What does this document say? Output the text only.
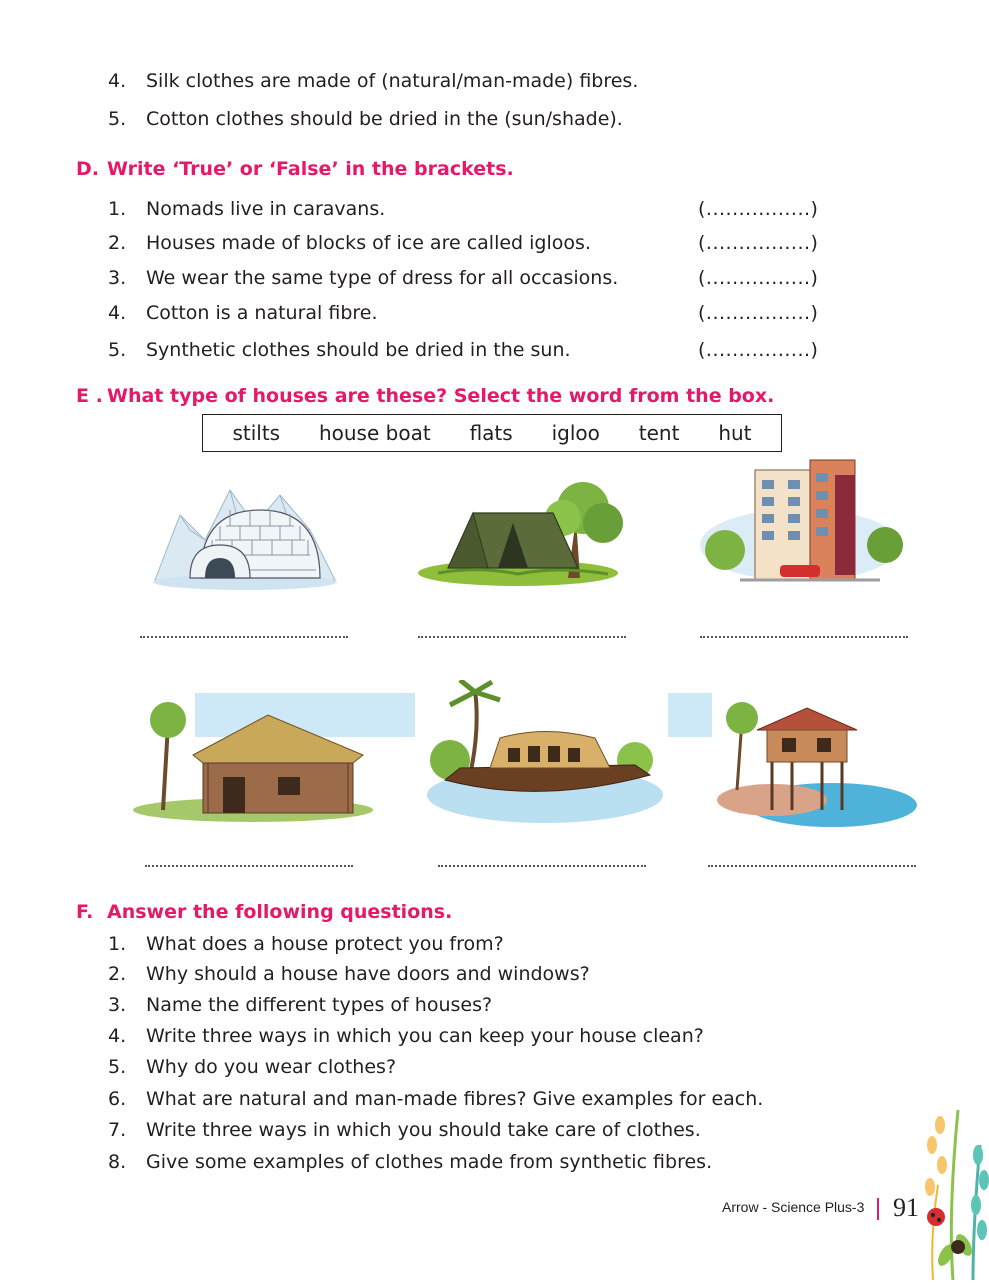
4.	Silk clothes are made of (natural/man-made) fibres.
5.	Cotton clothes should be dried in the (sun/shade).
D. Write ‘True’ or ‘False’ in the brackets.
1.	Nomads live in caravans.	(................)
2.	Houses made of blocks of ice are called igloos.	(................)
3.	We wear the same type of dress for all occasions.	(................)
4.	Cotton is a natural fibre.	(................)
5.	Synthetic clothes should be dried in the sun.	(................)
E . What type of houses are these? Select the word from the box.
stilts house boat flats igloo tent hut
F. Answer the following questions.
1.	What does a house protect you from?
2.	Why should a house have doors and windows?
3.	Name the different types of houses?
4.	Write three ways in which you can keep your house clean?
5.	Why do you wear clothes?
6.	What are natural and man-made fibres? Give examples for each.
7.	Write three ways in which you should take care of clothes.
8.	Give some examples of clothes made from synthetic fibres.
Arrow - Science Plus-3 91
